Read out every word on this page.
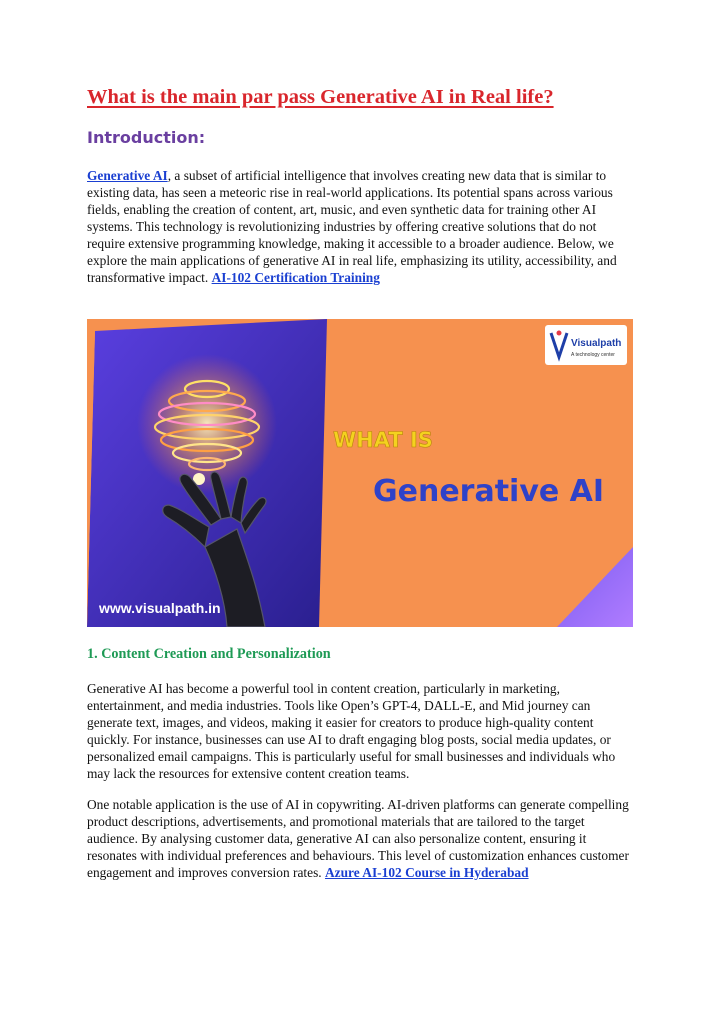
What is the main par pass Generative AI in Real life?
Introduction:

Generative AI, a subset of artificial intelligence that involves creating new data that is similar to existing data, has seen a meteoric rise in real-world applications. Its potential spans across various fields, enabling the creation of content, art, music, and even synthetic data for training other AI systems. This technology is revolutionizing industries by offering creative solutions that do not require extensive programming knowledge, making it accessible to a broader audience. Below, we explore the main applications of generative AI in real life, emphasizing its utility, accessibility, and transformative impact. AI-102 Certification Training

Visualpath
A technology center
WHAT IS
Generative AI
www.visualpath.in
1. Content Creation and Personalization

Generative AI has become a powerful tool in content creation, particularly in marketing, entertainment, and media industries. Tools like Open’s GPT-4, DALL-E, and Mid journey can generate text, images, and videos, making it easier for creators to produce high-quality content quickly. For instance, businesses can use AI to draft engaging blog posts, social media updates, or personalized email campaigns. This is particularly useful for small businesses and individuals who may lack the resources for extensive content creation teams.

One notable application is the use of AI in copywriting. AI-driven platforms can generate compelling product descriptions, advertisements, and promotional materials that are tailored to the target audience. By analysing customer data, generative AI can also personalize content, ensuring it resonates with individual preferences and behaviours. This level of customization enhances customer engagement and improves conversion rates. Azure AI-102 Course in Hyderabad
